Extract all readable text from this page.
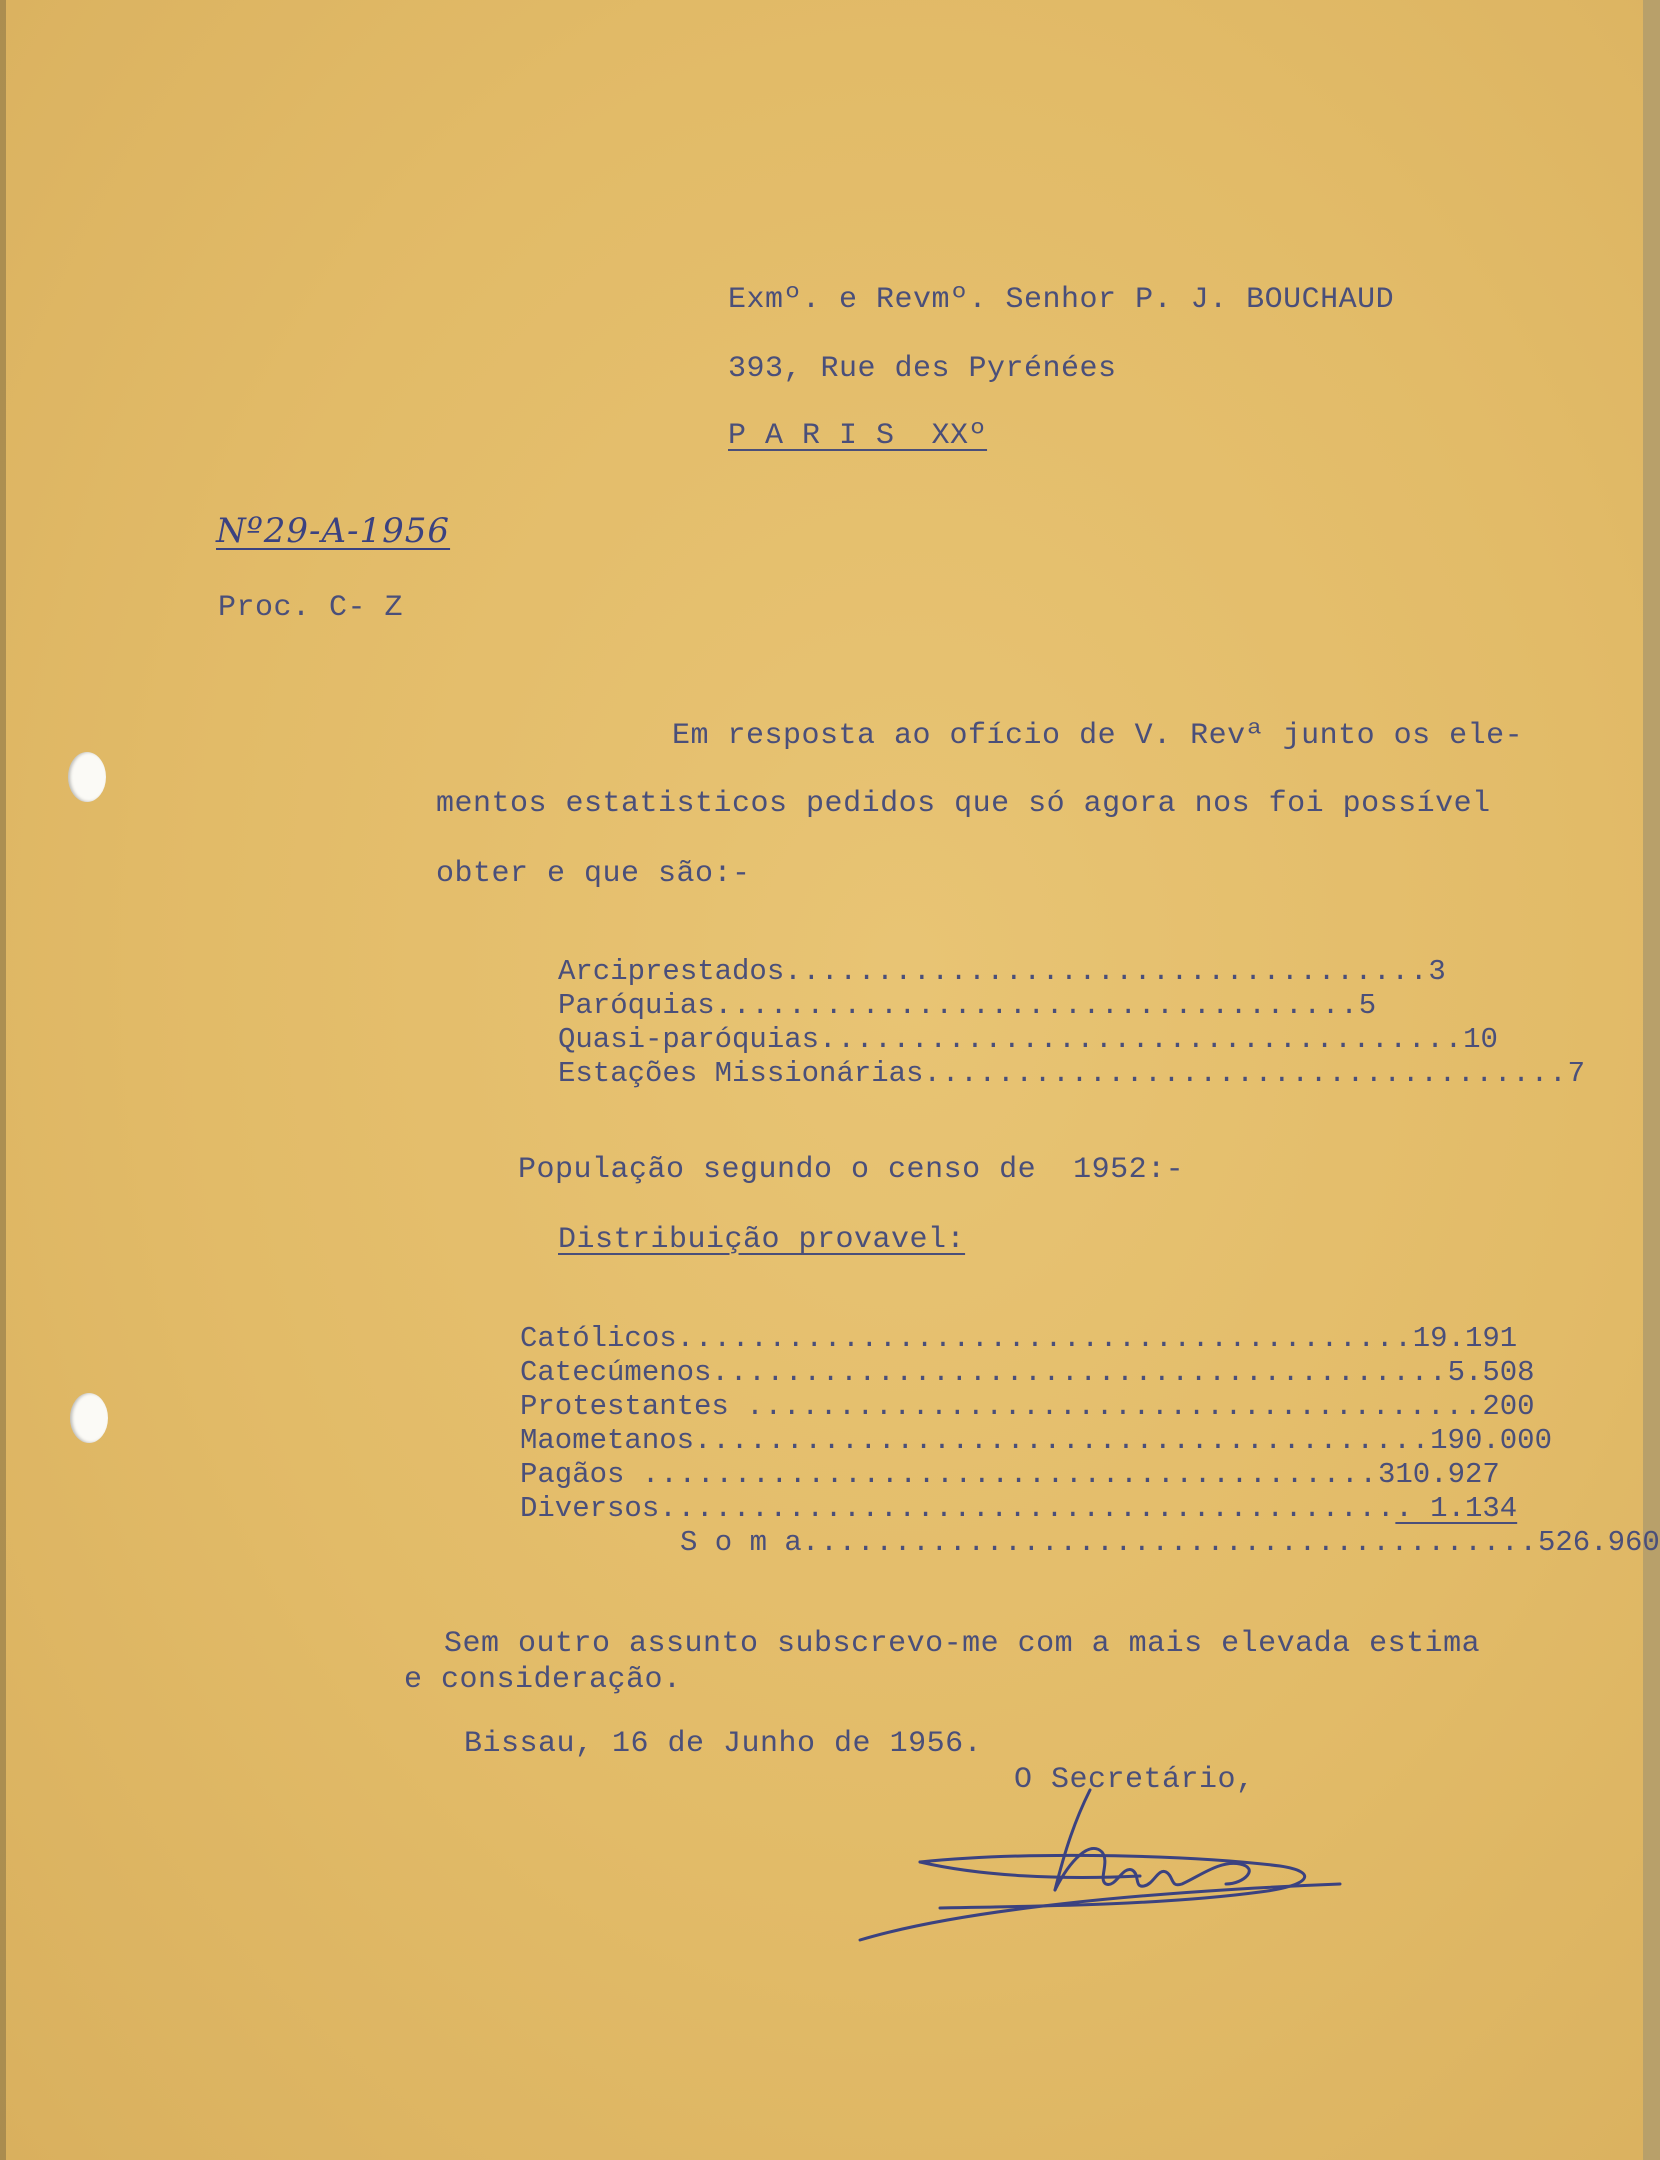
Exmº. e Revmº. Senhor P. J. BOUCHAUD
393, Rue des Pyrénées
P A R I S  XXº
Nº29-A-1956
Proc. C- Z
Em resposta ao ofício de V. Revª junto os ele-
mentos estatisticos pedidos que só agora nos foi possível
obter e que são:-
Arciprestados ................................... 3
Paróquias ................................... 5
Quasi-paróquias ................................... 10
Estações Missionárias ................................... 7
População segundo o censo de  1952:-
Distribuição provavel:
Católicos ........................................ 19.191
Catecúmenos ........................................ 5.508
Protestantes ........................................ 200
Maometanos ........................................ 190.000
Pagãos ........................................ 310.927
Diversos ........................................ . 1.134
S o m a ........................................ 526.960
Sem outro assunto subscrevo-me com a mais elevada estima
e consideração.
Bissau, 16 de Junho de 1956.
O Secretário,
